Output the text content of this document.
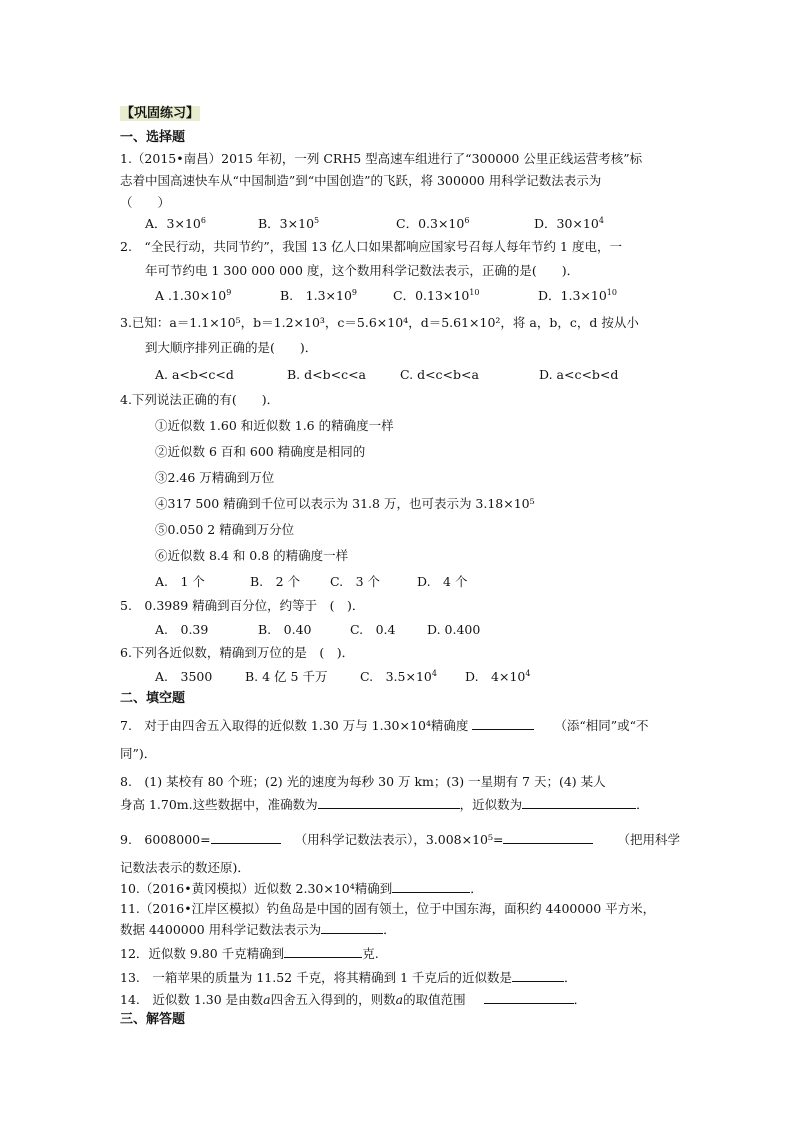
【巩固练习】
一、选择题
1.（2015•南昌）2015 年初，一列 CRH5 型高速车组进行了“300000 公里正线运营考核”标
志着中国高速快车从“中国制造”到“中国创造”的飞跃，将 300000 用科学记数法表示为
（　　）
A．$3\times 10^6$	B．$3\times 10^5$	C．$0.3\times 10^6$	D．$30\times 10^4$
2.　“全民行动，共同节约”，我国 13 亿人口如果都响应国家号召每人每年节约 1 度电，一
年可节约电 1 300 000 000 度，这个数用科学记数法表示，正确的是(　　)．
A $.1.30\times 10^9$	B.　$1.3\times 10^9$	C．$0.13\times 10^{10}$	D．$1.3\times 10^{10}$
3.已知：a＝1.1×10⁵，b＝1.2×10³，c＝5.6×10⁴，d＝5.61×10²，将 a，b，c，d 按从小
到大顺序排列正确的是(　　)．
A. a<b<c<d	B. d<b<c<a	C. d<c<b<a	D. a<c<b<d
4.下列说法正确的有(　　)．
①近似数 1.60 和近似数 1.6 的精确度一样
②近似数 6 百和 600 精确度是相同的
③2.46 万精确到万位
④317 500 精确到千位可以表示为 31.8 万，也可表示为 3.18×10⁵
⑤0.050 2 精确到万分位
⑥近似数 8.4 和 0.8 的精确度一样
A.　1 个	B.　2 个 C.　3 个	D.　4 个
5.　0.3989 精确到百分位，约等于　(　)．
A.　0.39	B.　0.40	C.　0.4	D. 0.400
6.下列各近似数，精确到万位的是　(　)．
A.　3500	B. 4 亿 5 千万	C.　$3.5\times 10^4$ D.　$4\times 10^4$
二、填空题
7.　对于由四舍五入取得的近似数 1.30 万与 1.30×10⁴精确度	（添“相同”或“不
同”)．
8.　(1) 某校有 80 个班；(2) 光的速度为每秒 30 万 km；(3) 一星期有 7 天；(4) 某人
身高 1.70m.这些数据中，准确数为	，近似数为	．
9.　6008000=	（用科学记数法表示），3.008×10⁵=	（把用科学
记数法表示的数还原)．
10.（2016•黄冈模拟）近似数 2.30×10⁴精确到	．
11.（2016•江岸区模拟）钓鱼岛是中国的固有领土，位于中国东海，面积约 4400000 平方米，
数据 4400000 用科学记数法表示为	．
12．近似数 9.80 千克精确到	克.
13.　一箱苹果的质量为 11.52 千克，将其精确到 1 千克后的近似数是	．
14.　近似数 1.30 是由数a四舍五入得到的，则数a的取值范围	．
三、解答题
